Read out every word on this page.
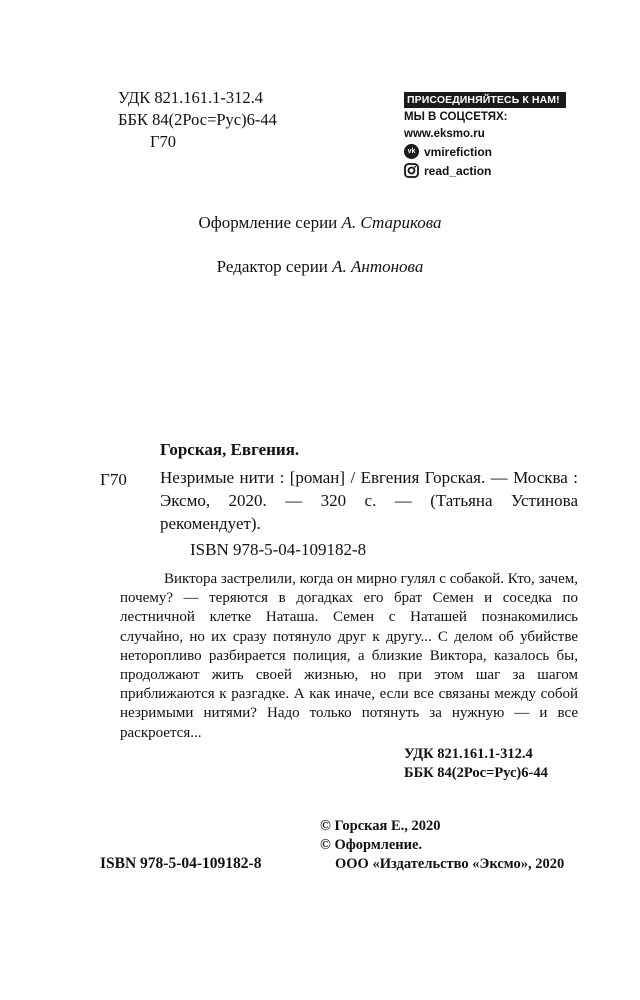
УДК 821.161.1-312.4
ББК 84(2Рос=Рус)6-44
Г70
ПРИСОЕДИНЯЙТЕСЬ К НАМ!
МЫ В СОЦСЕТЯХ:
www.eksmo.ru
vk vmirefiction
read_action
Оформление серии А. Старикова
Редактор серии А. Антонова
Горская, Евгения.
Г70 Незримые нити : [роман] / Евгения Горская. — Москва : Эксмо, 2020. — 320 с. — (Татьяна Устинова рекомендует).
ISBN 978-5-04-109182-8
Виктора застрелили, когда он мирно гулял с собакой. Кто, зачем, почему? — теряются в догадках его брат Семен и соседка по лестничной клетке Наташа. Семен с Наташей познакомились случайно, но их сразу потянуло друг к другу... С делом об убийстве неторопливо разбирается полиция, а близкие Виктора, казалось бы, продолжают жить своей жизнью, но при этом шаг за шагом приближаются к разгадке. А как иначе, если все связаны между собой незримыми нитями? Надо только потянуть за нужную — и все раскроется...
УДК 821.161.1-312.4
ББК 84(2Рос=Рус)6-44
© Горская Е., 2020
© Оформление.
ООО «Издательство «Эксмо», 2020
ISBN 978-5-04-109182-8
